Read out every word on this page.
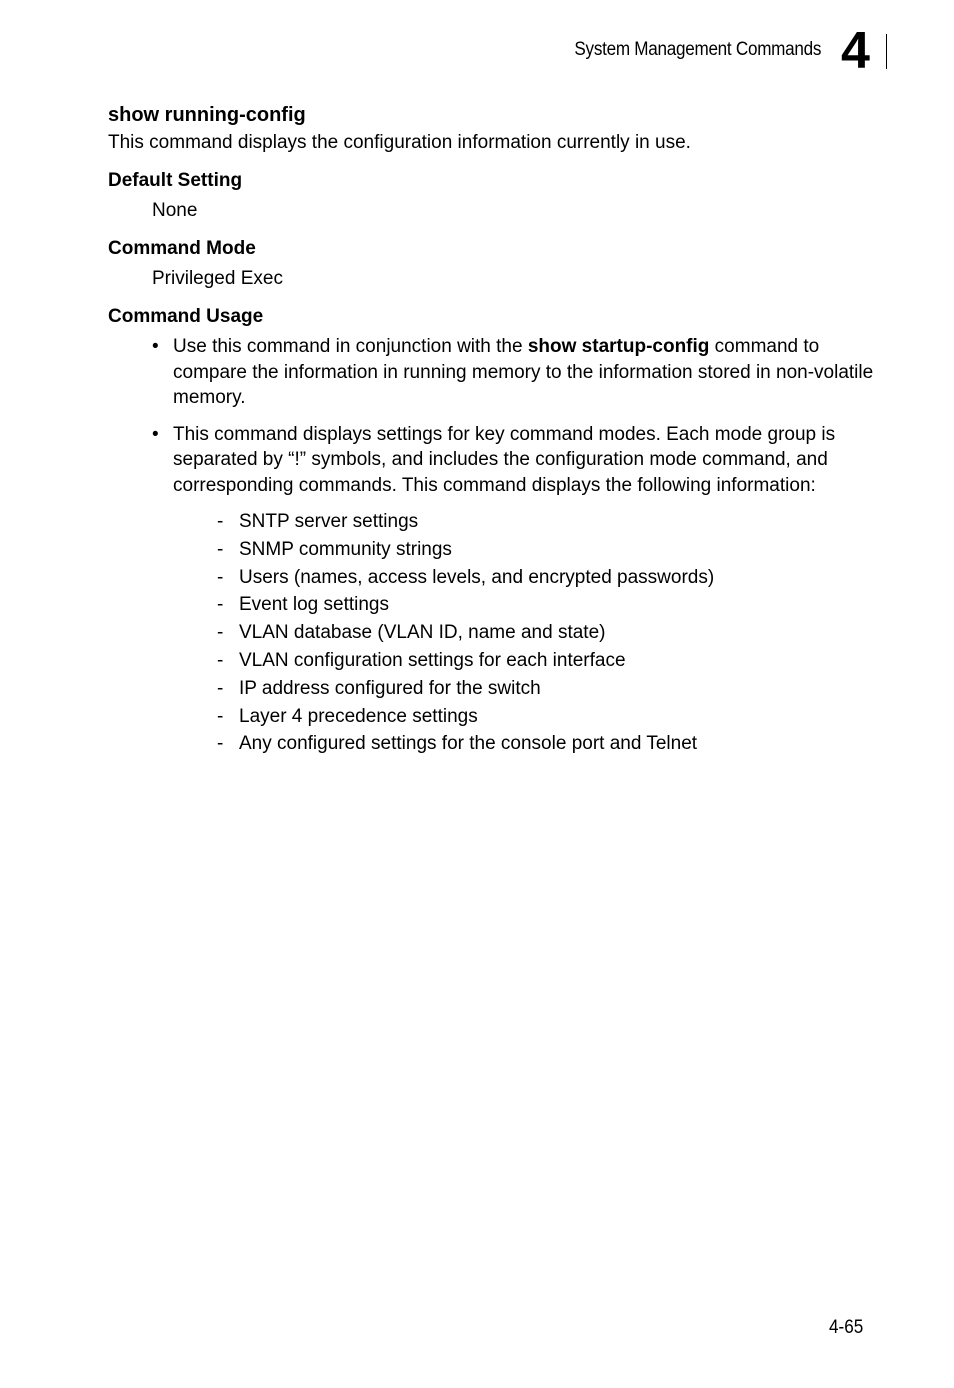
System Management Commands 4
show running-config

This command displays the configuration information currently in use.

Default Setting

None

Command Mode

Privileged Exec

Command Usage
• Use this command in conjunction with the show startup-config command to compare the information in running memory to the information stored in non-volatile memory.
• This command displays settings for key command modes. Each mode group is separated by “!” symbols, and includes the configuration mode command, and corresponding commands. This command displays the following information:
- SNTP server settings
- SNMP community strings
- Users (names, access levels, and encrypted passwords)
- Event log settings
- VLAN database (VLAN ID, name and state)
- VLAN configuration settings for each interface
- IP address configured for the switch
- Layer 4 precedence settings
- Any configured settings for the console port and Telnet
4-65
